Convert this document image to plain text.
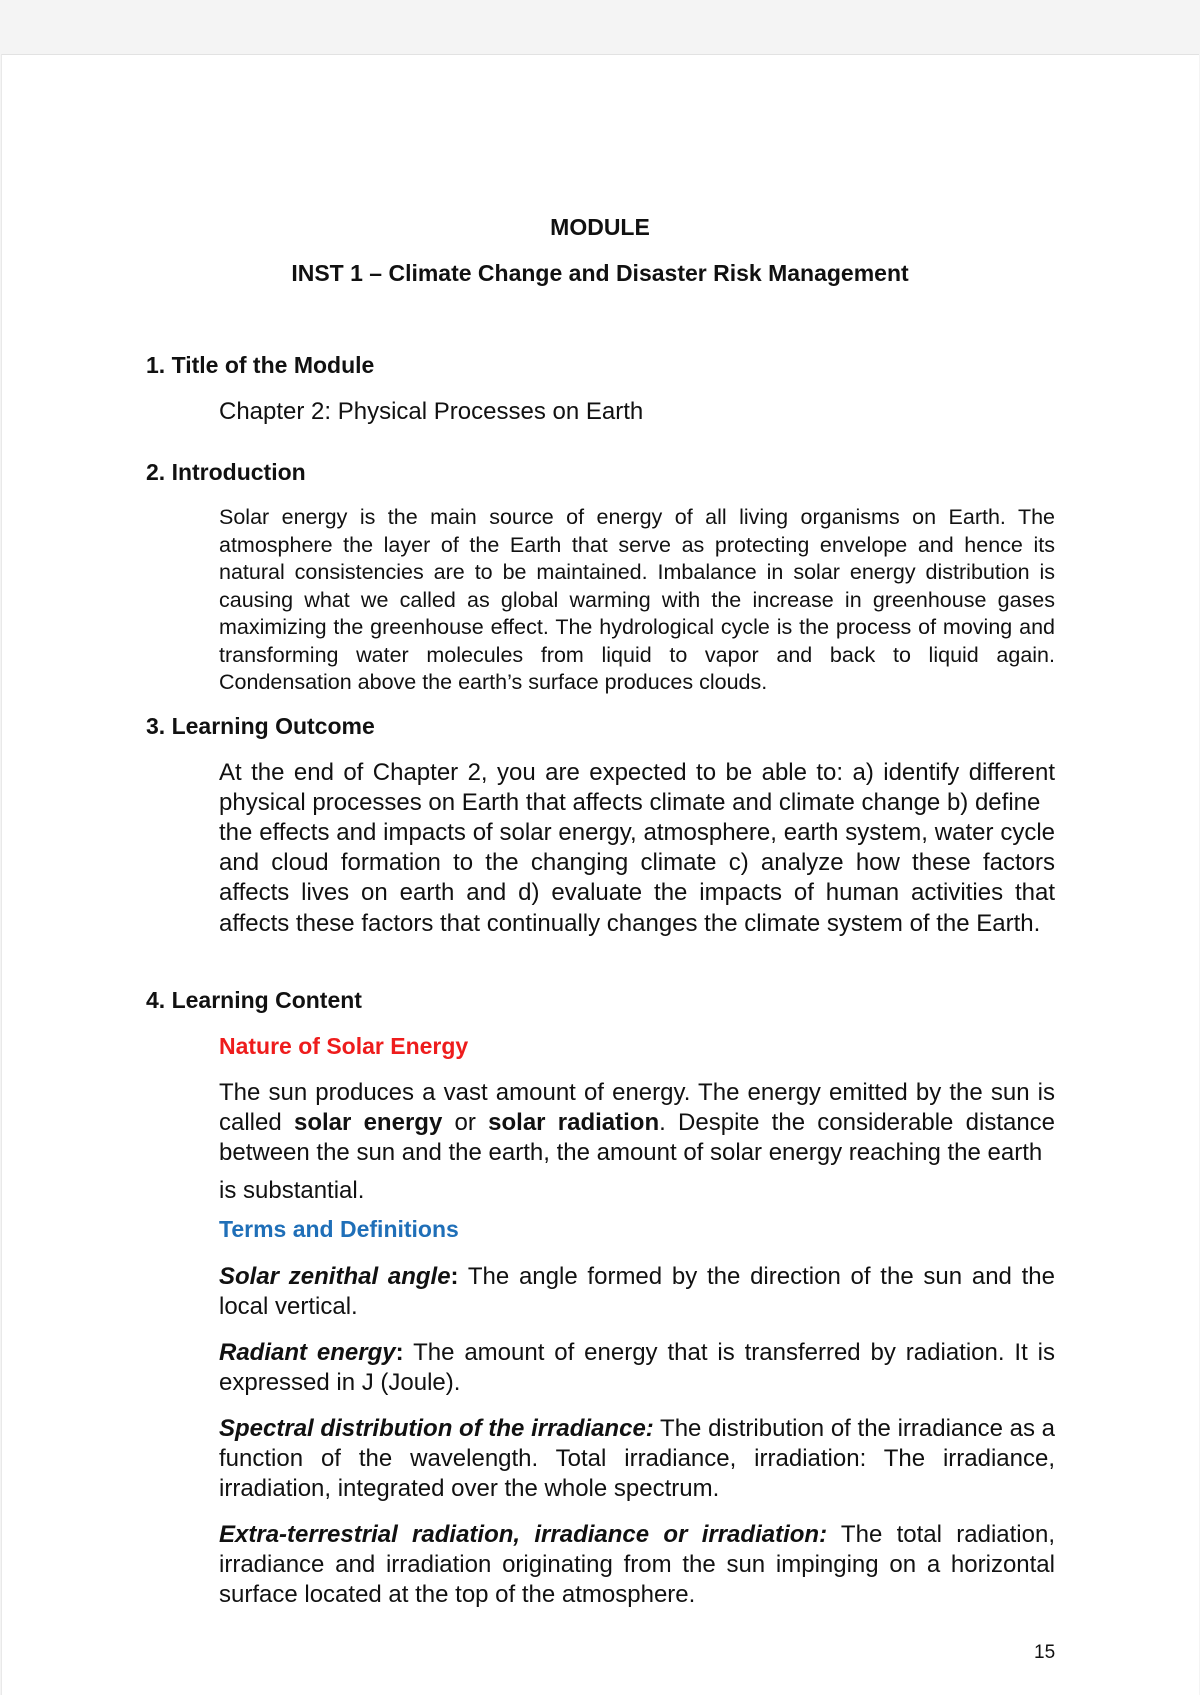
MODULE
INST 1 – Climate Change and Disaster Risk Management
1. Title of the Module
Chapter 2: Physical Processes on Earth
2. Introduction

Solar energy is the main source of energy of all living organisms on Earth. The atmosphere the layer of the Earth that serve as protecting envelope and hence its natural consistencies are to be maintained. Imbalance in solar energy distribution is causing what we called as global warming with the increase in greenhouse gases maximizing the greenhouse effect. The hydrological cycle is the process of moving and transforming water molecules from liquid to vapor and back to liquid again. Condensation above the earth’s surface produces clouds.

3. Learning Outcome

At the end of Chapter 2, you are expected to be able to: a) identify different physical processes on Earth that affects climate and climate change b) define

the effects and impacts of solar energy, atmosphere, earth system, water cycle and cloud formation to the changing climate c) analyze how these factors affects lives on earth and d) evaluate the impacts of human activities that affects these factors that continually changes the climate system of the Earth.

4. Learning Content
Nature of Solar Energy

The sun produces a vast amount of energy. The energy emitted by the sun is called solar energy or solar radiation. Despite the considerable distance between the sun and the earth, the amount of solar energy reaching the earth

is substantial.
Terms and Definitions

Solar zenithal angle: The angle formed by the direction of the sun and the local vertical.

Radiant energy: The amount of energy that is transferred by radiation. It is expressed in J (Joule).

Spectral distribution of the irradiance: The distribution of the irradiance as a function of the wavelength. Total irradiance, irradiation: The irradiance, irradiation, integrated over the whole spectrum.

Extra-terrestrial radiation, irradiance or irradiation: The total radiation, irradiance and irradiation originating from the sun impinging on a horizontal surface located at the top of the atmosphere.

15
